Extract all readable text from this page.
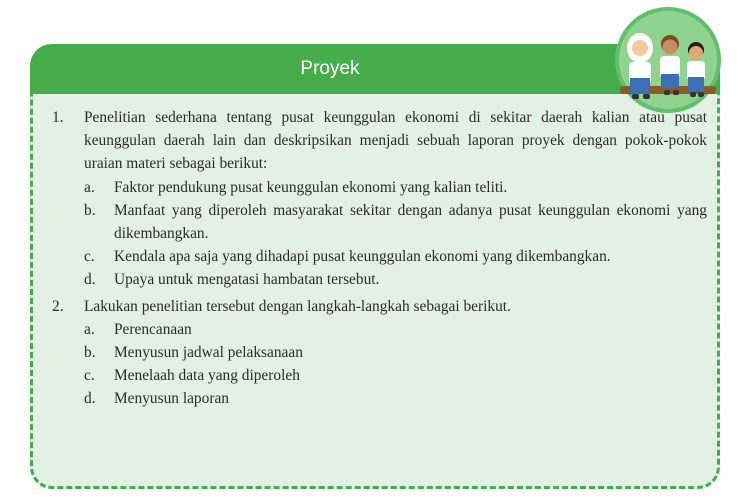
Proyek
1. Penelitian sederhana tentang pusat keunggulan ekonomi di sekitar daerah kalian atau pusat keunggulan daerah lain dan deskripsikan menjadi sebuah laporan proyek dengan pokok-pokok uraian materi sebagai berikut:
a. Faktor pendukung pusat keunggulan ekonomi yang kalian teliti.
b. Manfaat yang diperoleh masyarakat sekitar dengan adanya pusat keunggulan ekonomi yang dikembangkan.
c. Kendala apa saja yang dihadapi pusat keunggulan ekonomi yang dikembangkan.
d. Upaya untuk mengatasi hambatan tersebut.
2. Lakukan penelitian tersebut dengan langkah-langkah sebagai berikut.
a. Perencanaan
b. Menyusun jadwal pelaksanaan
c. Menelaah data yang diperoleh
d. Menyusun laporan
